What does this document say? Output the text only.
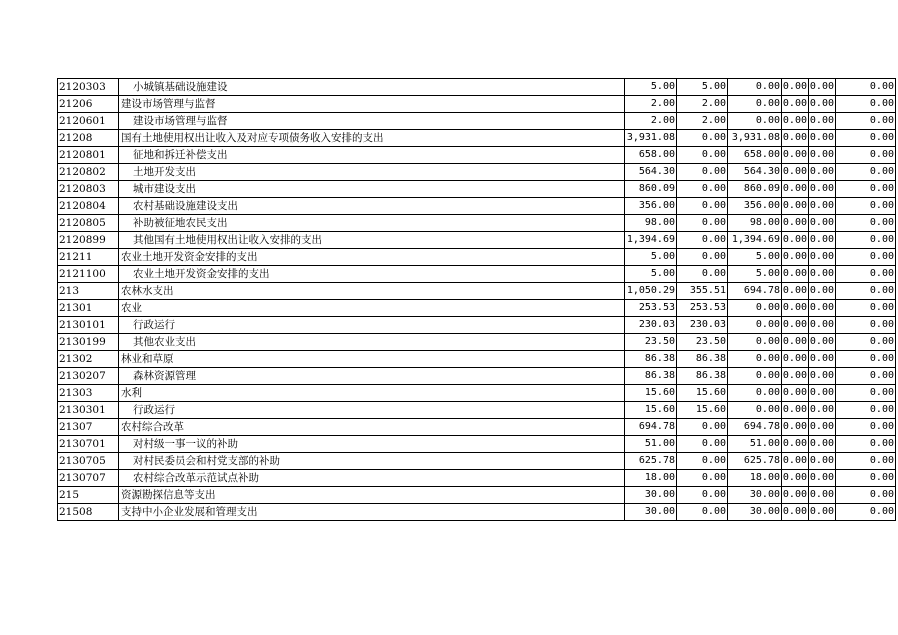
2120303	小城镇基础设施建设	5.00	5.00	0.00	0.00	0.00	0.00
21206	建设市场管理与监督	2.00	2.00	0.00	0.00	0.00	0.00
2120601	建设市场管理与监督	2.00	2.00	0.00	0.00	0.00	0.00
21208	国有土地使用权出让收入及对应专项债务收入安排的支出	3,931.08	0.00	3,931.08	0.00	0.00	0.00
2120801	征地和拆迁补偿支出	658.00	0.00	658.00	0.00	0.00	0.00
2120802	土地开发支出	564.30	0.00	564.30	0.00	0.00	0.00
2120803	城市建设支出	860.09	0.00	860.09	0.00	0.00	0.00
2120804	农村基础设施建设支出	356.00	0.00	356.00	0.00	0.00	0.00
2120805	补助被征地农民支出	98.00	0.00	98.00	0.00	0.00	0.00
2120899	其他国有土地使用权出让收入安排的支出	1,394.69	0.00	1,394.69	0.00	0.00	0.00
21211	农业土地开发资金安排的支出	5.00	0.00	5.00	0.00	0.00	0.00
2121100	农业土地开发资金安排的支出	5.00	0.00	5.00	0.00	0.00	0.00
213	农林水支出	1,050.29	355.51	694.78	0.00	0.00	0.00
21301	农业	253.53	253.53	0.00	0.00	0.00	0.00
2130101	行政运行	230.03	230.03	0.00	0.00	0.00	0.00
2130199	其他农业支出	23.50	23.50	0.00	0.00	0.00	0.00
21302	林业和草原	86.38	86.38	0.00	0.00	0.00	0.00
2130207	森林资源管理	86.38	86.38	0.00	0.00	0.00	0.00
21303	水利	15.60	15.60	0.00	0.00	0.00	0.00
2130301	行政运行	15.60	15.60	0.00	0.00	0.00	0.00
21307	农村综合改革	694.78	0.00	694.78	0.00	0.00	0.00
2130701	对村级一事一议的补助	51.00	0.00	51.00	0.00	0.00	0.00
2130705	对村民委员会和村党支部的补助	625.78	0.00	625.78	0.00	0.00	0.00
2130707	农村综合改革示范试点补助	18.00	0.00	18.00	0.00	0.00	0.00
215	资源勘探信息等支出	30.00	0.00	30.00	0.00	0.00	0.00
21508	支持中小企业发展和管理支出	30.00	0.00	30.00	0.00	0.00	0.00
